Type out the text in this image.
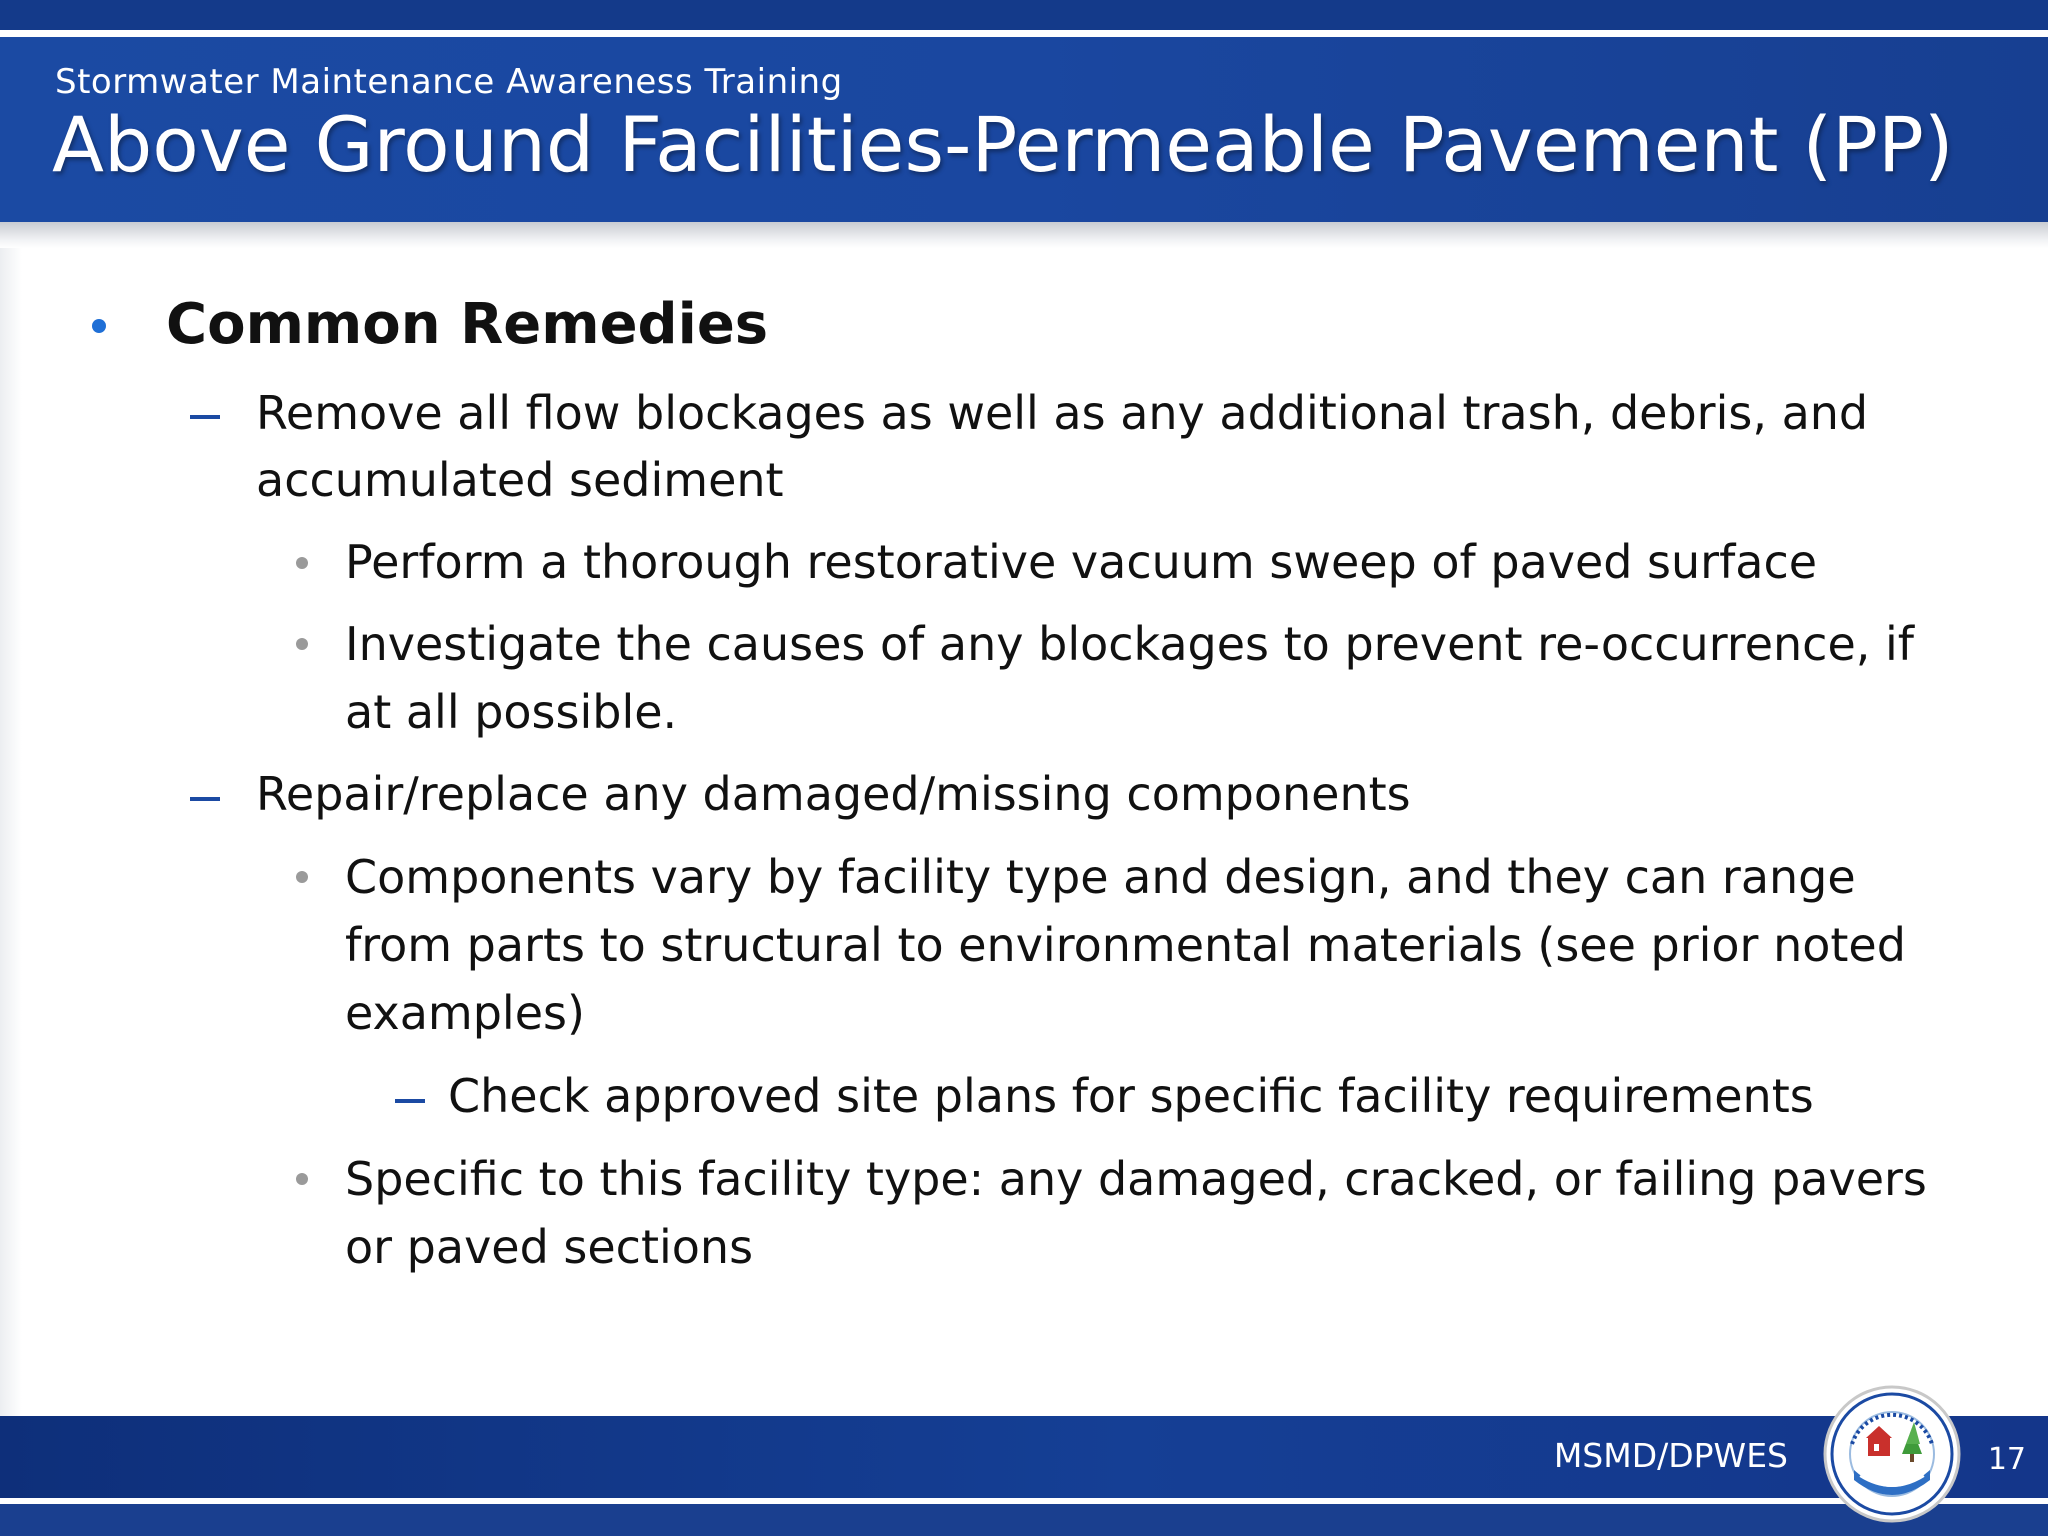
Stormwater Maintenance Awareness Training
Above Ground Facilities-Permeable Pavement (PP)
Common Remedies
Remove all flow blockages as well as any additional trash, debris, and
accumulated sediment
Perform a thorough restorative vacuum sweep of paved surface
Investigate the causes of any blockages to prevent re-occurrence, if
at all possible.
Repair/replace any damaged/missing components
Components vary by facility type and design, and they can range
from parts to structural to environmental materials (see prior noted
examples)
Check approved site plans for specific facility requirements
Specific to this facility type: any damaged, cracked, or failing pavers
or paved sections
MSMD/DPWES	17
